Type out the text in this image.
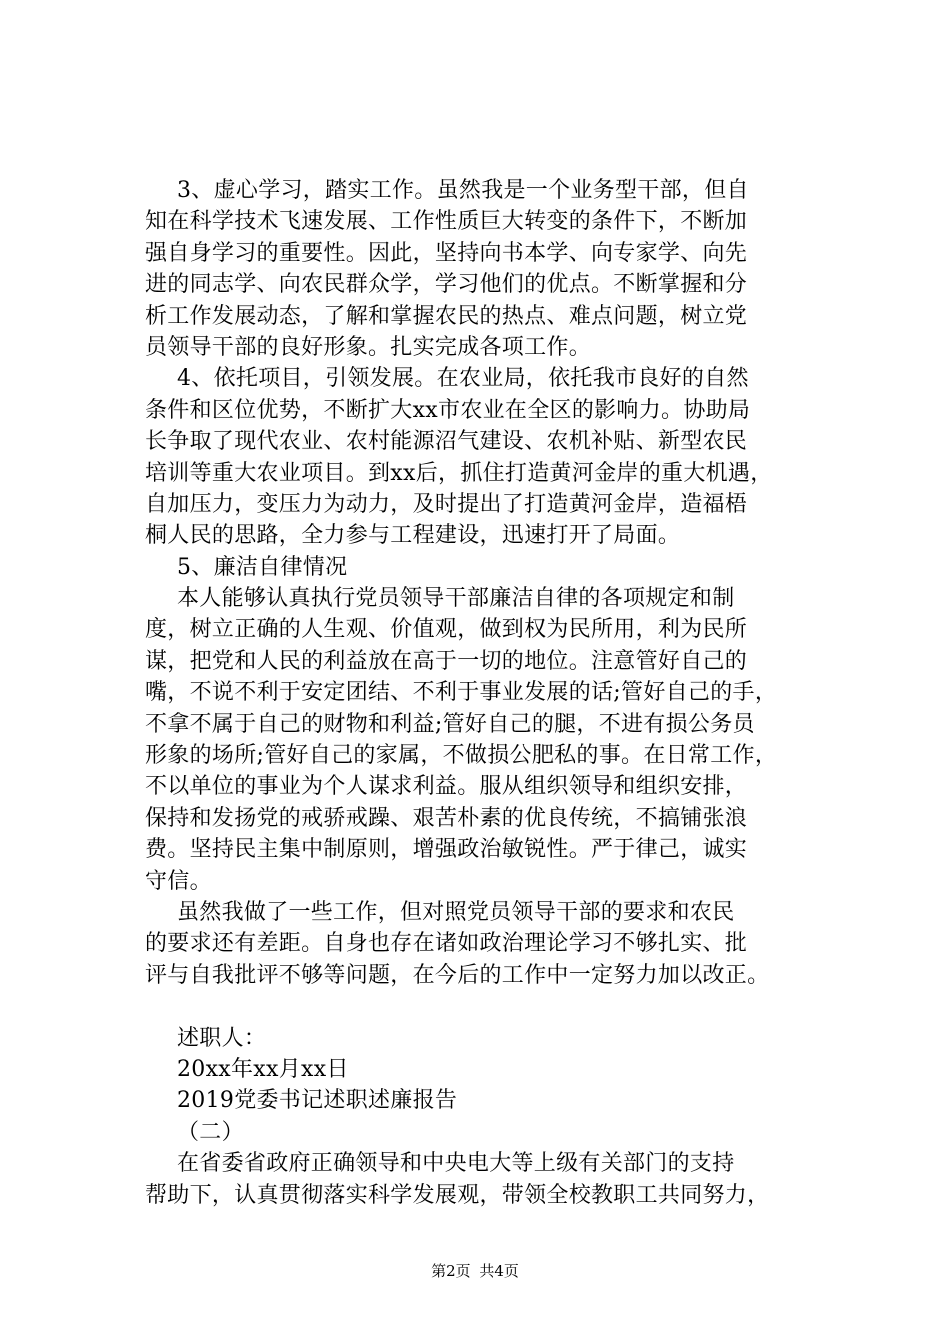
3、虚心学习，踏实工作。虽然我是一个业务型干部，但自
知在科学技术飞速发展、工作性质巨大转变的条件下，不断加
强自身学习的重要性。因此，坚持向书本学、向专家学、向先
进的同志学、向农民群众学，学习他们的优点。不断掌握和分
析工作发展动态，了解和掌握农民的热点、难点问题，树立党
员领导干部的良好形象。扎实完成各项工作。
4、依托项目，引领发展。在农业局，依托我市良好的自然
条件和区位优势，不断扩大xx市农业在全区的影响力。协助局
长争取了现代农业、农村能源沼气建设、农机补贴、新型农民
培训等重大农业项目。到xx后，抓住打造黄河金岸的重大机遇，
自加压力，变压力为动力，及时提出了打造黄河金岸，造福梧
桐人民的思路，全力参与工程建设，迅速打开了局面。
5、廉洁自律情况
本人能够认真执行党员领导干部廉洁自律的各项规定和制
度，树立正确的人生观、价值观，做到权为民所用，利为民所
谋，把党和人民的利益放在高于一切的地位。注意管好自己的
嘴，不说不利于安定团结、不利于事业发展的话;管好自己的手，
不拿不属于自己的财物和利益;管好自己的腿，不进有损公务员
形象的场所;管好自己的家属，不做损公肥私的事。在日常工作，
不以单位的事业为个人谋求利益。服从组织领导和组织安排，
保持和发扬党的戒骄戒躁、艰苦朴素的优良传统，不搞铺张浪
费。坚持民主集中制原则，增强政治敏锐性。严于律己，诚实
守信。
虽然我做了一些工作，但对照党员领导干部的要求和农民
的要求还有差距。自身也存在诸如政治理论学习不够扎实、批
评与自我批评不够等问题，在今后的工作中一定努力加以改正。
述职人：
20xx年xx月xx日
2019党委书记述职述廉报告
（二）
在省委省政府正确领导和中央电大等上级有关部门的支持
帮助下，认真贯彻落实科学发展观，带领全校教职工共同努力，
第2页 共4页
